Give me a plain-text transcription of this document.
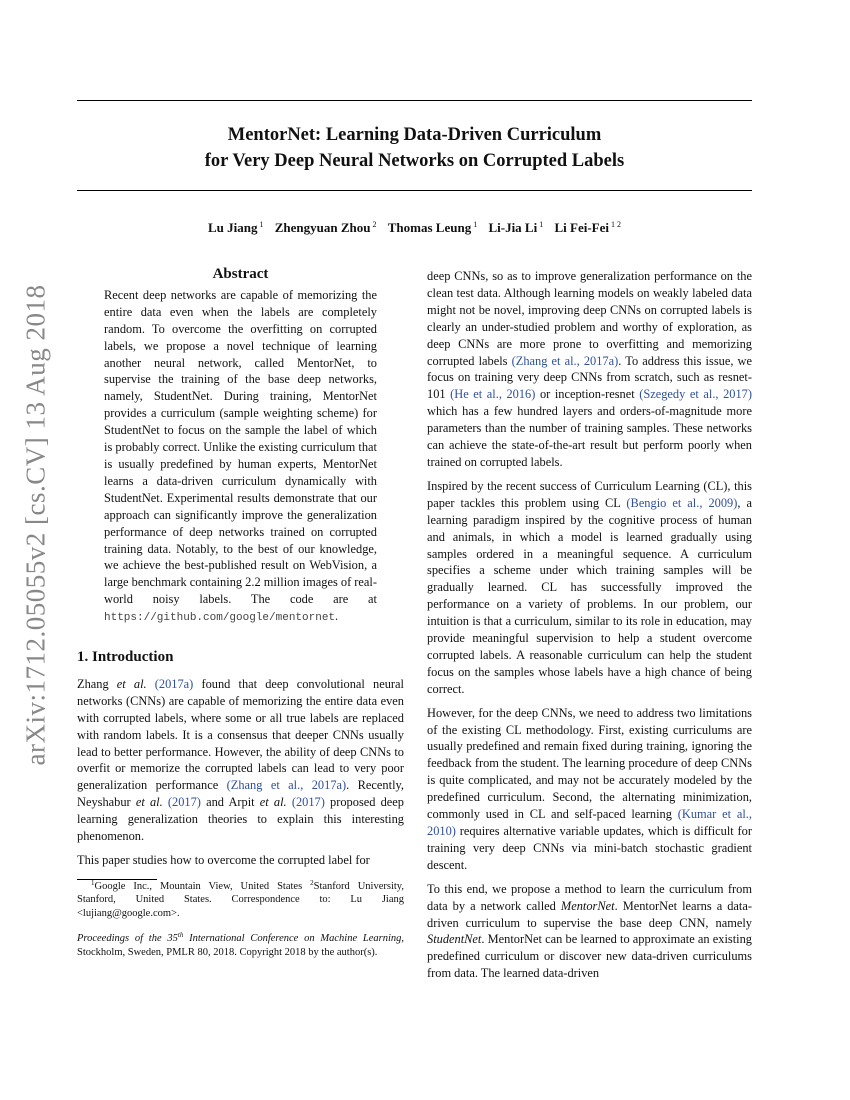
MentorNet: Learning Data-Driven Curriculum
for Very Deep Neural Networks on Corrupted Labels
Lu Jiang $^1$ Zhengyuan Zhou $^2$ Thomas Leung $^1$ Li-Jia Li $^1$ Li Fei-Fei $^{1 2}$
arXiv:1712.05055v2 [cs.CV] 13 Aug 2018
Abstract

Recent deep networks are capable of memorizing the entire data even when the labels are completely random. To overcome the overfitting on corrupted labels, we propose a novel technique of learning another neural network, called MentorNet, to supervise the training of the base deep networks, namely, StudentNet. During training, MentorNet provides a curriculum (sample weighting scheme) for StudentNet to focus on the sample the label of which is probably correct. Unlike the existing curriculum that is usually predefined by human experts, MentorNet learns a data-driven curriculum dynamically with StudentNet. Experimental results demonstrate that our approach can significantly improve the generalization performance of deep networks trained on corrupted training data. Notably, to the best of our knowledge, we achieve the best-published result on WebVision, a large benchmark containing 2.2 million images of real-world noisy labels. The code are at https://github.com/google/mentornet.

1. Introduction

Zhang et al. (2017a) found that deep convolutional neural networks (CNNs) are capable of memorizing the entire data even with corrupted labels, where some or all true labels are replaced with random labels. It is a consensus that deeper CNNs usually lead to better performance. However, the ability of deep CNNs to overfit or memorize the corrupted labels can lead to very poor generalization performance (Zhang et al., 2017a). Recently, Neyshabur et al. (2017) and Arpit et al. (2017) proposed deep learning generalization theories to explain this interesting phenomenon.

This paper studies how to overcome the corrupted label for

$^1$Google Inc., Mountain View, United States $^2$Stanford University, Stanford, United States. Correspondence to: Lu Jiang <lujiang@google.com>.

Proceedings of the 35th International Conference on Machine Learning, Stockholm, Sweden, PMLR 80, 2018. Copyright 2018 by the author(s).

deep CNNs, so as to improve generalization performance on the clean test data. Although learning models on weakly labeled data might not be novel, improving deep CNNs on corrupted labels is clearly an under-studied problem and worthy of exploration, as deep CNNs are more prone to overfitting and memorizing corrupted labels (Zhang et al., 2017a). To address this issue, we focus on training very deep CNNs from scratch, such as resnet-101 (He et al., 2016) or inception-resnet (Szegedy et al., 2017) which has a few hundred layers and orders-of-magnitude more parameters than the number of training samples. These networks can achieve the state-of-the-art result but perform poorly when trained on corrupted labels.

Inspired by the recent success of Curriculum Learning (CL), this paper tackles this problem using CL (Bengio et al., 2009), a learning paradigm inspired by the cognitive process of human and animals, in which a model is learned gradually using samples ordered in a meaningful sequence. A curriculum specifies a scheme under which training samples will be gradually learned. CL has successfully improved the performance on a variety of problems. In our problem, our intuition is that a curriculum, similar to its role in education, may provide meaningful supervision to help a student overcome corrupted labels. A reasonable curriculum can help the student focus on the samples whose labels have a high chance of being correct.

However, for the deep CNNs, we need to address two limitations of the existing CL methodology. First, existing curriculums are usually predefined and remain fixed during training, ignoring the feedback from the student. The learning procedure of deep CNNs is quite complicated, and may not be accurately modeled by the predefined curriculum. Second, the alternating minimization, commonly used in CL and self-paced learning (Kumar et al., 2010) requires alternative variable updates, which is difficult for training very deep CNNs via mini-batch stochastic gradient descent.

To this end, we propose a method to learn the curriculum from data by a network called MentorNet. MentorNet learns a data-driven curriculum to supervise the base deep CNN, namely StudentNet. MentorNet can be learned to approximate an existing predefined curriculum or discover new data-driven curriculums from data. The learned data-driven
